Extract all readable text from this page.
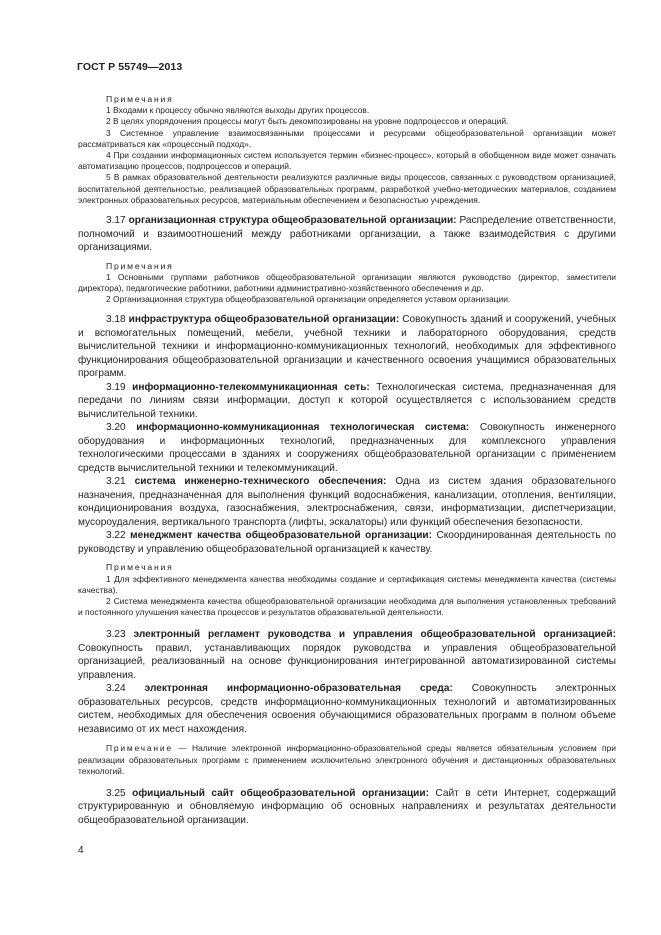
ГОСТ Р 55749—2013
Примечания
1 Входами к процессу обычно являются выходы других процессов.
2 В целях упорядочения процессы могут быть декомпозированы на уровне подпроцессов и операций.
3 Системное управление взаимосвязанными процессами и ресурсами общеобразовательной организации может рассматриваться как «процессный подход».
4 При создании информационных систем используется термин «бизнес-процесс», который в обобщенном виде может означать автоматизацию процессов, подпроцессов и операций.
5 В рамках образовательной деятельности реализуются различные виды процессов, связанных с руководством организацией, воспитательной деятельностью, реализацией образовательных программ, разработкой учебно-методических материалов, созданием электронных образовательных ресурсов, материальным обеспечением и безопасностью учреждения.
3.17 организационная структура общеобразовательной организации: Распределение ответственности, полномочий и взаимоотношений между работниками организации, а также взаимодействия с другими организациями.
Примечания
1 Основными группами работников общеобразовательной организации являются руководство (директор, заместители директора), педагогические работники, работники административно-хозяйственного обеспечения и др.
2 Организационная структура общеобразовательной организации определяется уставом организации.
3.18 инфраструктура общеобразовательной организации: Совокупность зданий и сооружений, учебных и вспомогательных помещений, мебели, учебной техники и лабораторного оборудования, средств вычислительной техники и информационно-коммуникационных технологий, необходимых для эффективного функционирования общеобразовательной организации и качественного освоения учащимися образовательных программ.
3.19 информационно-телекоммуникационная сеть: Технологическая система, предназначенная для передачи по линиям связи информации, доступ к которой осуществляется с использованием средств вычислительной техники.
3.20 информационно-коммуникационная технологическая система: Совокупность инженерного оборудования и информационных технологий, предназначенных для комплексного управления технологическими процессами в зданиях и сооружениях общеобразовательной организации с применением средств вычислительной техники и телекоммуникаций.
3.21 система инженерно-технического обеспечения: Одна из систем здания образовательного назначения, предназначенная для выполнения функций водоснабжения, канализации, отопления, вентиляции, кондиционирования воздуха, газоснабжения, электроснабжения, связи, информатизации, диспетчеризации, мусороудаления, вертикального транспорта (лифты, эскалаторы) или функций обеспечения безопасности.
3.22 менеджмент качества общеобразовательной организации: Скоординированная деятельность по руководству и управлению общеобразовательной организацией к качеству.
Примечания
1 Для эффективного менеджмента качества необходимы создание и сертификация системы менеджмента качества (системы качества).
2 Система менеджмента качества общеобразовательной организации необходима для выполнения установленных требований и постоянного улучшения качества процессов и результатов образовательной деятельности.
3.23 электронный регламент руководства и управления общеобразовательной организацией: Совокупность правил, устанавливающих порядок руководства и управления общеобразовательной организацией, реализованный на основе функционирования интегрированной автоматизированной системы управления.
3.24 электронная информационно-образовательная среда: Совокупность электронных образовательных ресурсов, средств информационно-коммуникационных технологий и автоматизированных систем, необходимых для обеспечения освоения обучающимися образовательных программ в полном объеме независимо от их мест нахождения.
Примечание — Наличие электронной информационно-образовательной среды является обязательным условием при реализации образовательных программ с применением исключительно электронного обучения и дистанционных образовательных технологий.
3.25 официальный сайт общеобразовательной организации: Сайт в сети Интернет, содержащий структурированную и обновляемую информацию об основных направлениях и результатах деятельности общеобразовательной организации.
4
